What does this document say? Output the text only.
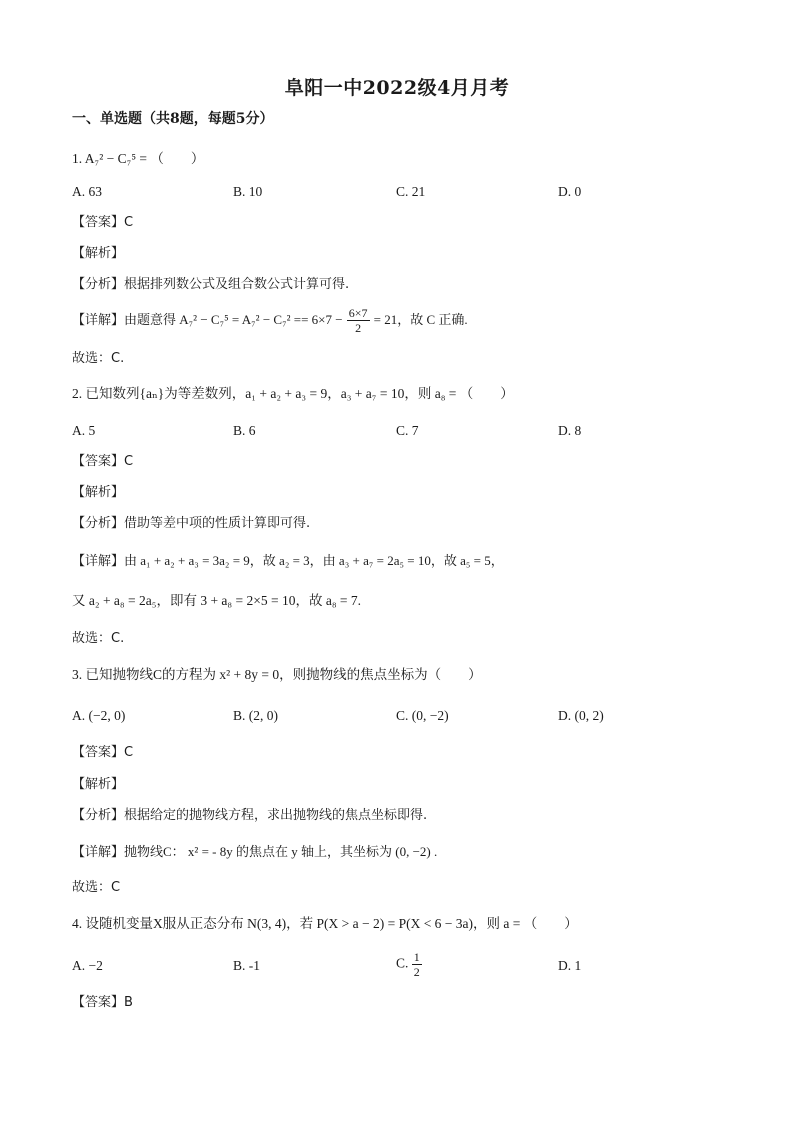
阜阳一中2022级4月月考
一、单选题（共8题，每题5分）
1. A₇² − C₇⁵ = （　　）
A. 63	B. 10	C. 21	D. 0
【答案】C
【解析】
【分析】根据排列数公式及组合数公式计算可得.
【详解】由题意得 $A_7^2 - C_7^5 = A_7^2 - C_7^2 == 6\times 7 - \frac{6\times 7}{2} = 21$，故 C 正确.
故选：C.
2. 已知数列{aₙ}为等差数列，a₁ + a₂ + a₃ = 9，a₃ + a₇ = 10，则 a₈ = （　　）
A. 5	B. 6	C. 7	D. 8
【答案】C
【解析】
【分析】借助等差中项的性质计算即可得.
【详解】由 a₁ + a₂ + a₃ = 3a₂ = 9，故 a₂ = 3，由 a₃ + a₇ = 2a₅ = 10，故 a₅ = 5，
又 a₂ + a₈ = 2a₅，即有 3 + a₈ = 2×5 = 10，故 a₈ = 7.
故选：C.
3. 已知抛物线C的方程为 x² + 8y = 0，则抛物线的焦点坐标为（　　）
A. (−2, 0)	B. (2, 0)	C. (0, −2)	D. (0, 2)
【答案】C
【解析】
【分析】根据给定的抛物线方程，求出抛物线的焦点坐标即得.
【详解】抛物线C： x² = - 8y 的焦点在 y 轴上，其坐标为 (0, −2) .
故选：C
4. 设随机变量X服从正态分布 N(3, 4)，若 P(X > a − 2) = P(X < 6 − 3a)，则 a = （　　）
A. −2	B. -1	C. $\frac{1}{2}$	D. 1
【答案】B
